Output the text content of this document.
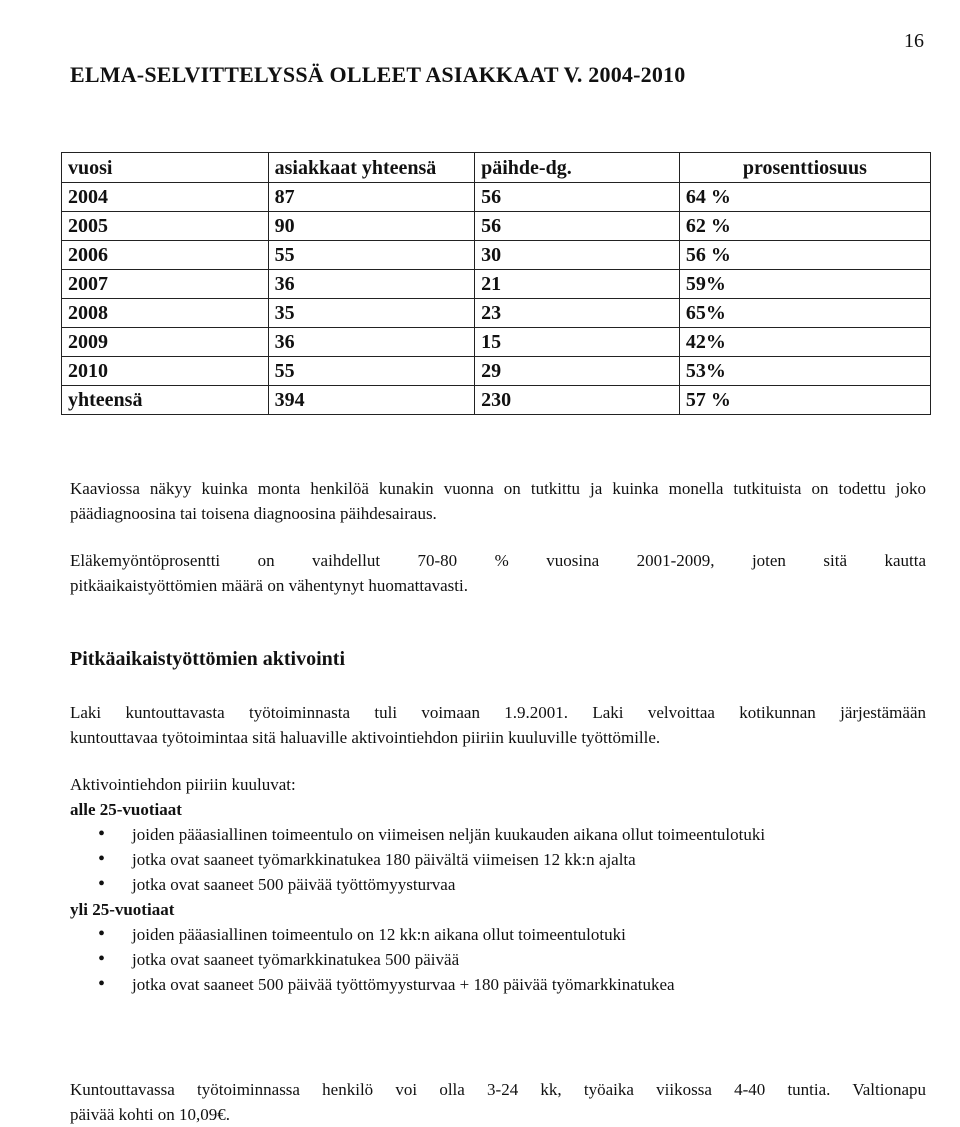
16
ELMA-SELVITTELYSSÄ OLLEET ASIAKKAAT V. 2004-2010
vuosi	asiakkaat yhteensä	päihde-dg.	prosenttiosuus
2004	87	56	64 %
2005	90	56	62 %
2006	55	30	56 %
2007	36	21	59%
2008	35	23	65%
2009	36	15	42%
2010	55	29	53%
yhteensä	394	230	57 %

Kaaviossa näkyy kuinka monta henkilöä kunakin vuonna on tutkittu ja kuinka monella tutkituista on todettu joko päädiagnoosina tai toisena diagnoosina päihdesairaus.

Eläkemyöntöprosentti on vaihdellut 70-80 % vuosina 2001-2009, joten sitä kautta
pitkäaikaistyöttömien määrä on vähentynyt huomattavasti.

Pitkäaikaistyöttömien aktivointi

Laki kuntouttavasta työtoiminnasta tuli voimaan 1.9.2001. Laki velvoittaa kotikunnan järjestämään
kuntouttavaa työtoimintaa sitä haluaville aktivointiehdon piiriin kuuluville työttömille.

Aktivointiehdon piiriin kuuluvat:
alle 25-vuotiaat
• joiden pääasiallinen toimeentulo on viimeisen neljän kuukauden aikana ollut toimeentulotuki
• jotka ovat saaneet työmarkkinatukea 180 päivältä viimeisen 12 kk:n ajalta
• jotka ovat saaneet 500 päivää työttömyysturvaa
yli 25-vuotiaat
• joiden pääasiallinen toimeentulo on 12 kk:n aikana ollut toimeentulotuki
• jotka ovat saaneet työmarkkinatukea 500 päivää
• jotka ovat saaneet 500 päivää työttömyysturvaa + 180 päivää työmarkkinatukea

Kuntouttavassa työtoiminnassa henkilö voi olla 3-24 kk, työaika viikossa 4-40 tuntia. Valtionapu
päivää kohti on 10,09€.
